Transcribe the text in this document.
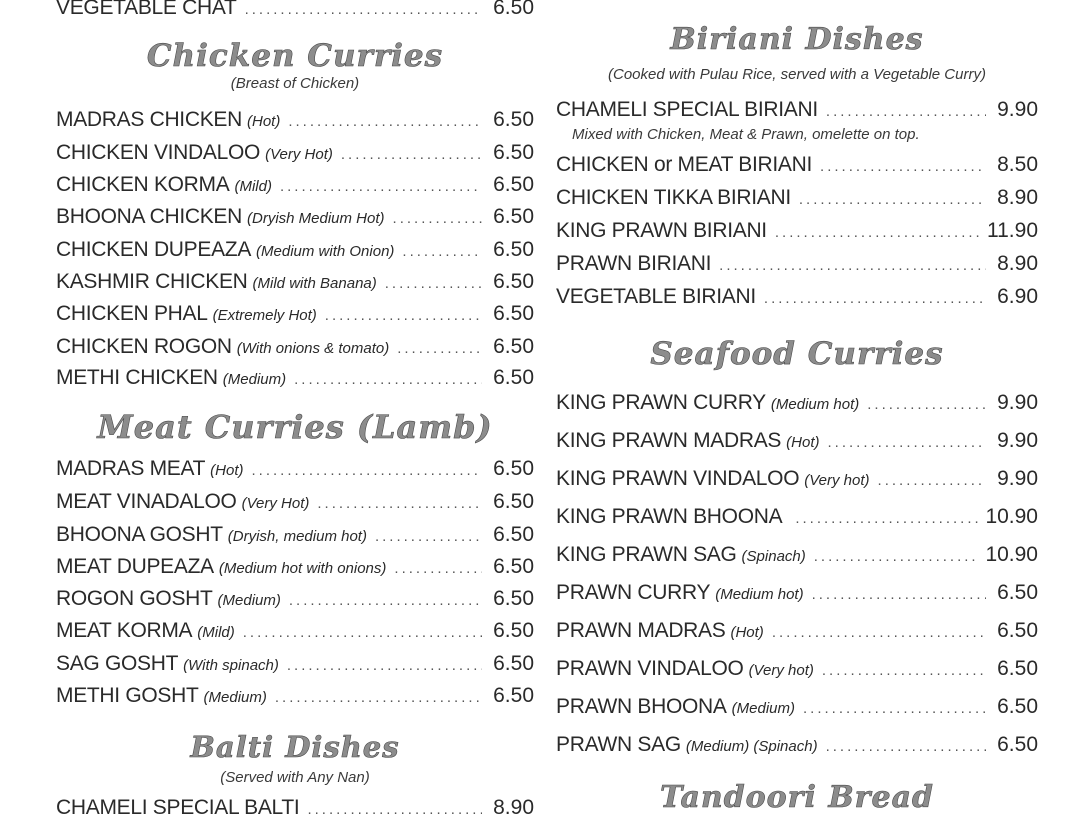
VEGETABLE CHAT .....	6.50
Chicken Curries
(Breast of Chicken)
MADRAS CHICKEN (Hot) .....	6.50
CHICKEN VINDALOO (Very Hot) .....	6.50
CHICKEN KORMA (Mild) .....	6.50
BHOONA CHICKEN (Dryish Medium Hot) .....	6.50
CHICKEN DUPEAZA (Medium with Onion) .....	6.50
KASHMIR CHICKEN (Mild with Banana) .....	6.50
CHICKEN PHAL (Extremely Hot) .....	6.50
CHICKEN ROGON (With onions & tomato) .....	6.50
METHI CHICKEN (Medium) .....	6.50
Meat Curries (Lamb)
MADRAS MEAT (Hot) .....	6.50
MEAT VINADALOO (Very Hot) .....	6.50
BHOONA GOSHT (Dryish, medium hot) .....	6.50
MEAT DUPEAZA (Medium hot with onions) .....	6.50
ROGON GOSHT (Medium) .....	6.50
MEAT KORMA (Mild) .....	6.50
SAG GOSHT (With spinach) .....	6.50
METHI GOSHT (Medium) .....	6.50
Balti Dishes
(Served with Any Nan)
CHAMELI SPECIAL BALTI .....	8.90
Biriani Dishes
(Cooked with Pulau Rice, served with a Vegetable Curry)
CHAMELI SPECIAL BIRIANI .....	9.90
Mixed with Chicken, Meat & Prawn, omelette on top.
CHICKEN or MEAT BIRIANI .....	8.50
CHICKEN TIKKA BIRIANI .....	8.90
KING PRAWN BIRIANI .....	11.90
PRAWN BIRIANI .....	8.90
VEGETABLE BIRIANI .....	6.90
Seafood Curries
KING PRAWN CURRY (Medium hot) .....	9.90
KING PRAWN MADRAS (Hot) .....	9.90
KING PRAWN VINDALOO (Very hot) .....	9.90
KING PRAWN BHOONA .....	10.90
KING PRAWN SAG (Spinach) .....	10.90
PRAWN CURRY (Medium hot) .....	6.50
PRAWN MADRAS (Hot) .....	6.50
PRAWN VINDALOO (Very hot) .....	6.50
PRAWN BHOONA (Medium) .....	6.50
PRAWN SAG (Medium) (Spinach) .....	6.50
Tandoori Bread
